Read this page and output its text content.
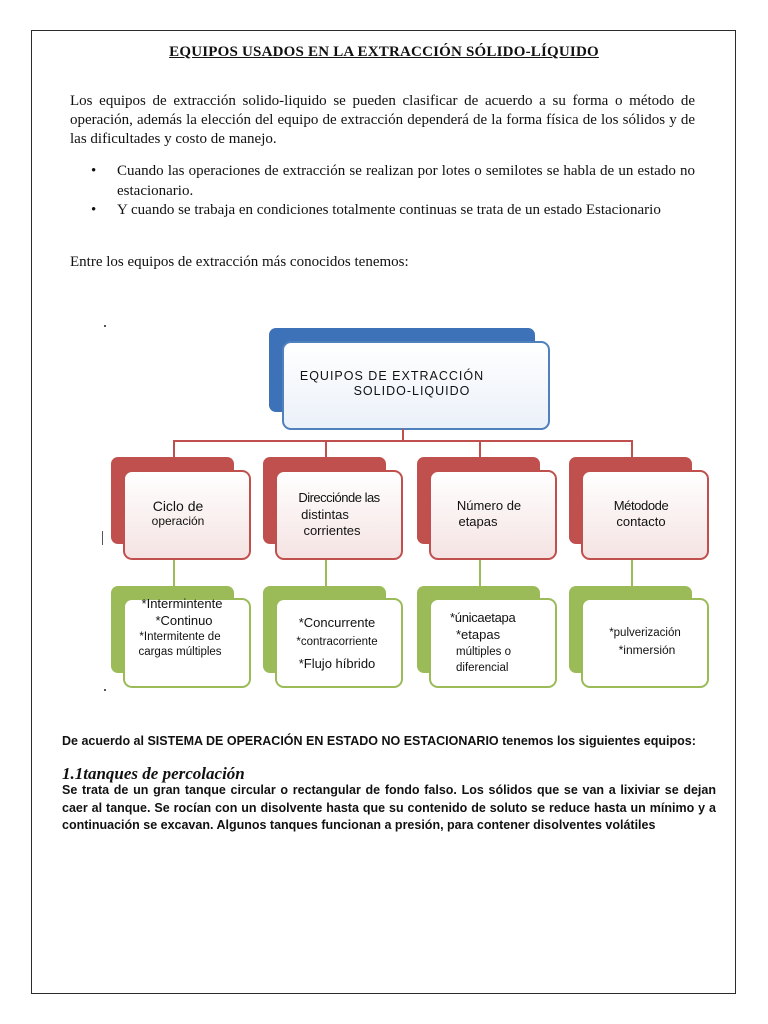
EQUIPOS USADOS EN LA EXTRACCIÓN SÓLIDO-LÍQUIDO
Los equipos de extracción solido-liquido se pueden clasificar de acuerdo a su forma o método de operación, además la elección del equipo de extracción dependerá de la forma física de los sólidos y de las dificultades y costo de manejo.
• Cuando las operaciones de extracción se realizan por lotes o semilotes se habla de un estado no estacionario.
• Y cuando se trabaja en condiciones totalmente continuas se trata de un estado Estacionario
Entre los equipos de extracción más conocidos tenemos:
EQUIPOS DE EXTRACCIÓN
SOLIDO-LIQUIDO
Ciclo de
operación
Direcciónde las
distintas
corrientes
Número de
etapas
Métodode
contacto
*Intermintente
*Continuo
*Intermitente de
cargas múltiples
*Concurrente
*contracorriente
*Flujo híbrido
*únicaetapa
*etapas
múltiples o
diferencial
*pulverización
*inmersión
De acuerdo al SISTEMA DE OPERACIÓN EN ESTADO NO ESTACIONARIO tenemos los siguientes equipos:
1.1tanques de percolación
Se trata de un gran tanque circular o rectangular de fondo falso. Los sólidos que se van a lixiviar se dejan caer al tanque. Se rocían con un disolvente hasta que su contenido de soluto se reduce hasta un mínimo y a continuación se excavan. Algunos tanques funcionan a presión, para contener disolventes volátiles
